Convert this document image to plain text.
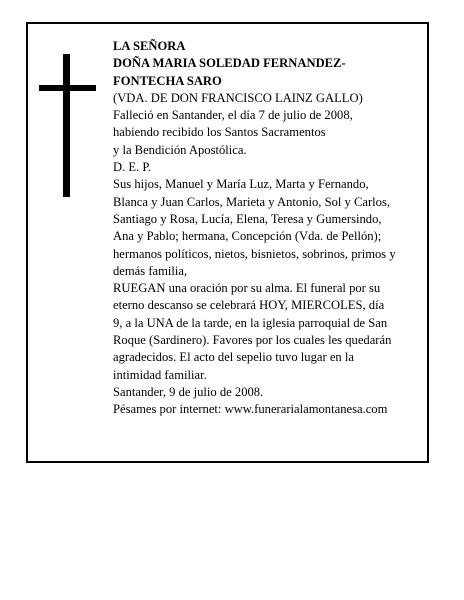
LA SEÑORA
DOÑA MARIA SOLEDAD FERNANDEZ-
FONTECHA SARO
(VDA. DE DON FRANCISCO LAINZ GALLO)
Falleció en Santander, el día 7 de julio de 2008,
habiendo recibido los Santos Sacramentos
y la Bendición Apostólica.
D. E. P.
Sus hijos, Manuel y María Luz, Marta y Fernando,
Blanca y Juan Carlos, Marieta y Antonio, Sol y Carlos,
Santiago y Rosa, Lucía, Elena, Teresa y Gumersindo,
Ana y Pablo; hermana, Concepción (Vda. de Pellón);
hermanos políticos, nietos, bisnietos, sobrinos, primos y
demás familia,
RUEGAN una oración por su alma. El funeral por su
eterno descanso se celebrará HOY, MIERCOLES, día
9, a la UNA de la tarde, en la iglesia parroquial de San
Roque (Sardinero). Favores por los cuales les quedarán
agradecidos. El acto del sepelio tuvo lugar en la
intimidad familiar.
Santander, 9 de julio de 2008.
Pésames por internet: www.funerarialamontanesa.com
